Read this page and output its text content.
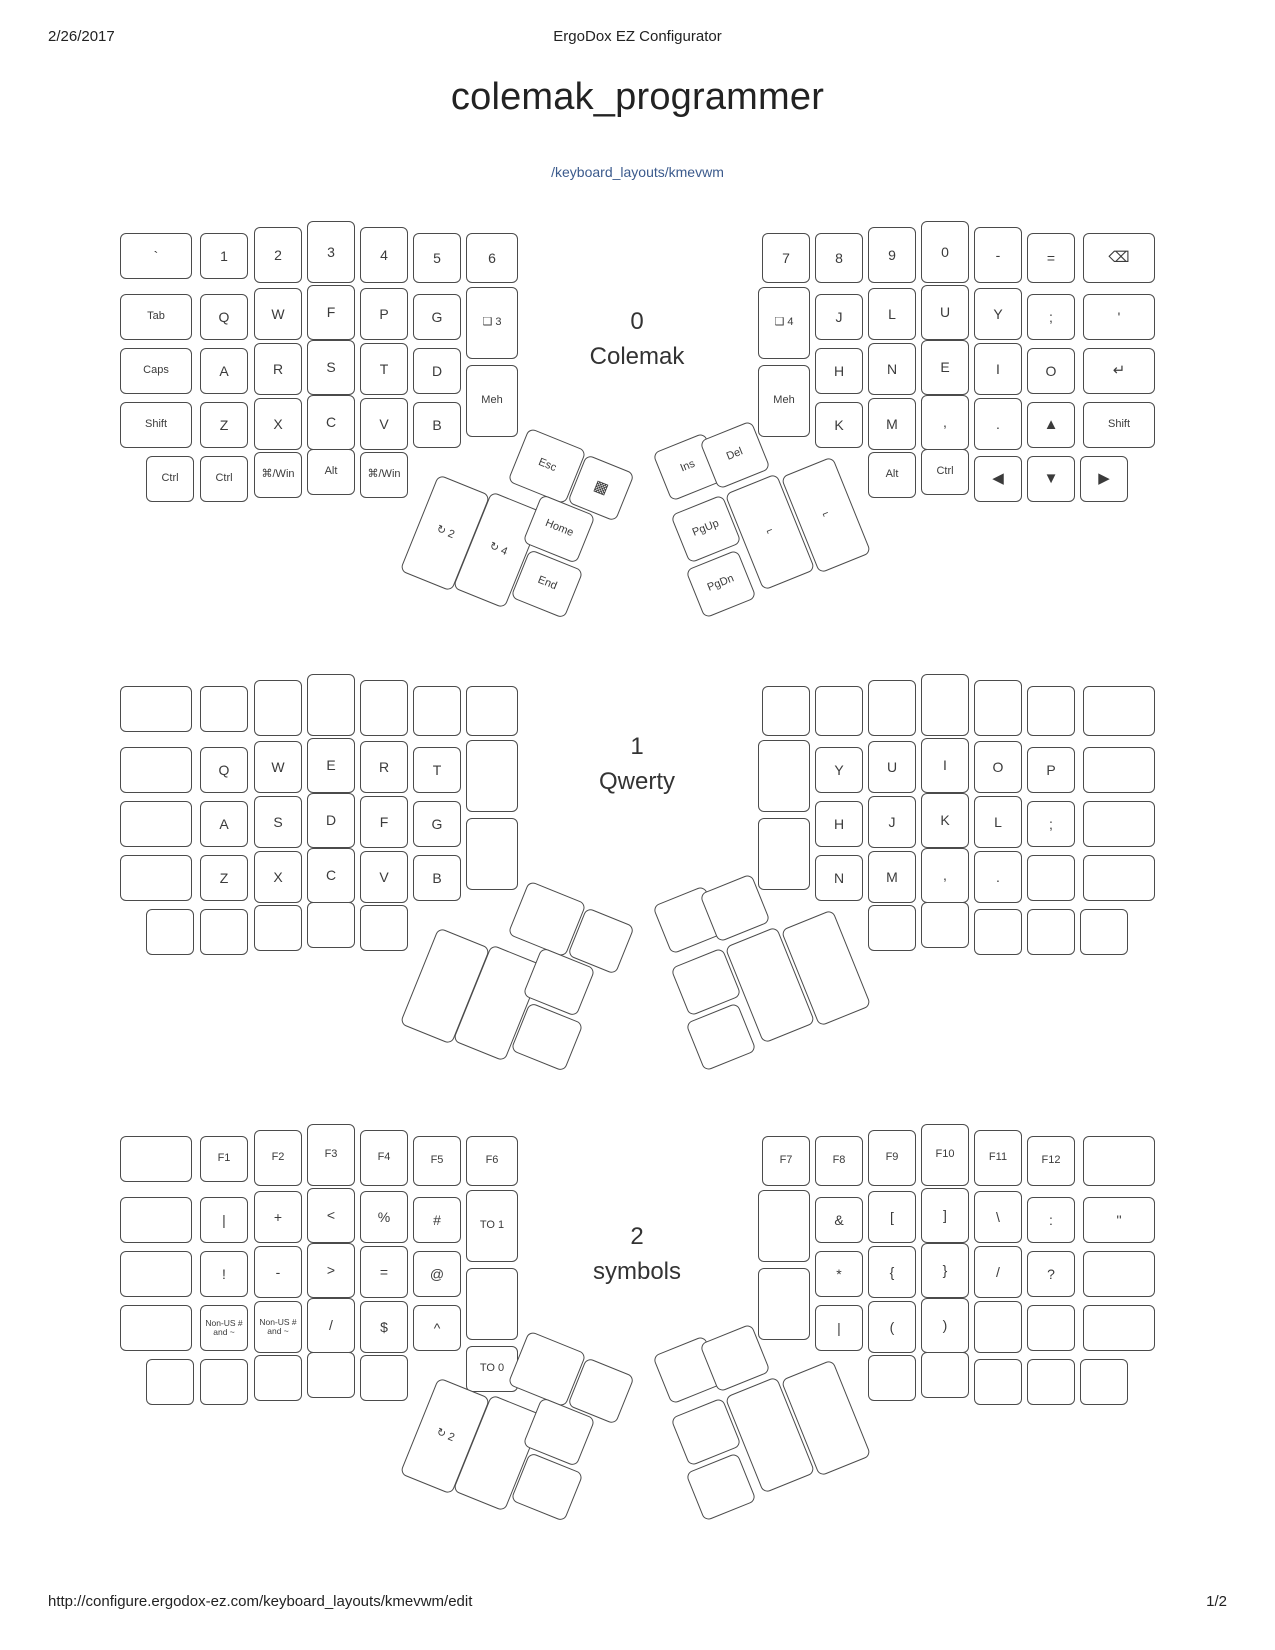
2/26/2017	ErgoDox EZ Configurator
colemak_programmer
/keyboard_layouts/kmevwm
0
Colemak
`	1	2	3	4	5	6
Tab	Q	W	F	P	G	❑ 3
Caps	A	R	S	T	D
Meh
Shift	Z	X	C	V	B
Ctrl	Ctrl	⌘/Win	Alt	⌘/Win	Esc
▩
↻ 2
↻ 4
Home
End
7	8	9	0	-	=	⌫
❑ 4	J	L	U	Y	;	'
H	N	E	I	O	↵
Meh
K	M	,	.	▲	Shift
Alt	Ctrl	◀	▼	▶
Ins
Del
PgUp
PgDn
⌐
⌐
1
Qwerty
Q	W	E	R	T
A	S	D	F	G
Z	X	C	V	B
Y	U	I	O	P
H	J	K	L	;
N	M	,	.
2
symbols
F1	F2	F3	F4	F5	F6
|	+	<	%	#	TO 1
!	-	>	=	@
Non-US # and ~
Non-US # and ~	/	$	^
TO 0
↻ 2
F7	F8	F9	F10	F11	F12
&	[	]	\	:	''
*	{	}	/	?
|	(	)
http://configure.ergodox-ez.com/keyboard_layouts/kmevwm/edit	1/2
